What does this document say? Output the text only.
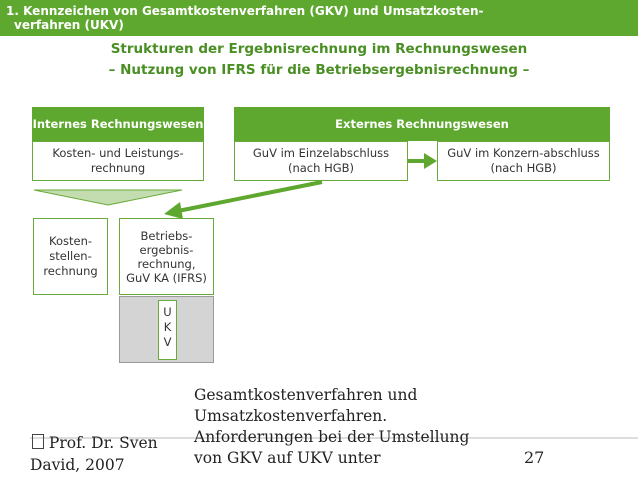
1. Kennzeichen von Gesamtkostenverfahren (GKV) und Umsatzkosten-
verfahren (UKV)
Strukturen der Ergebnisrechnung im Rechnungswesen
– Nutzung von IFRS für die Betriebsergebnisrechnung –
Internes Rechnungswesen	Externes Rechnungswesen
Kosten- und Leistungs-rechnung
GuV im Einzelabschluss (nach HGB)
GuV im Konzern-abschluss (nach HGB)
Kosten-stellen-rechnung
Betriebs-ergebnis-rechnung, GuV KA (IFRS)
U
K
V
Gesamtkostenverfahren und
Umsatzkostenverfahren.
Anforderungen bei der Umstellung
von GKV auf UKV unter
Prof. Dr. Sven
David, 2007	27
